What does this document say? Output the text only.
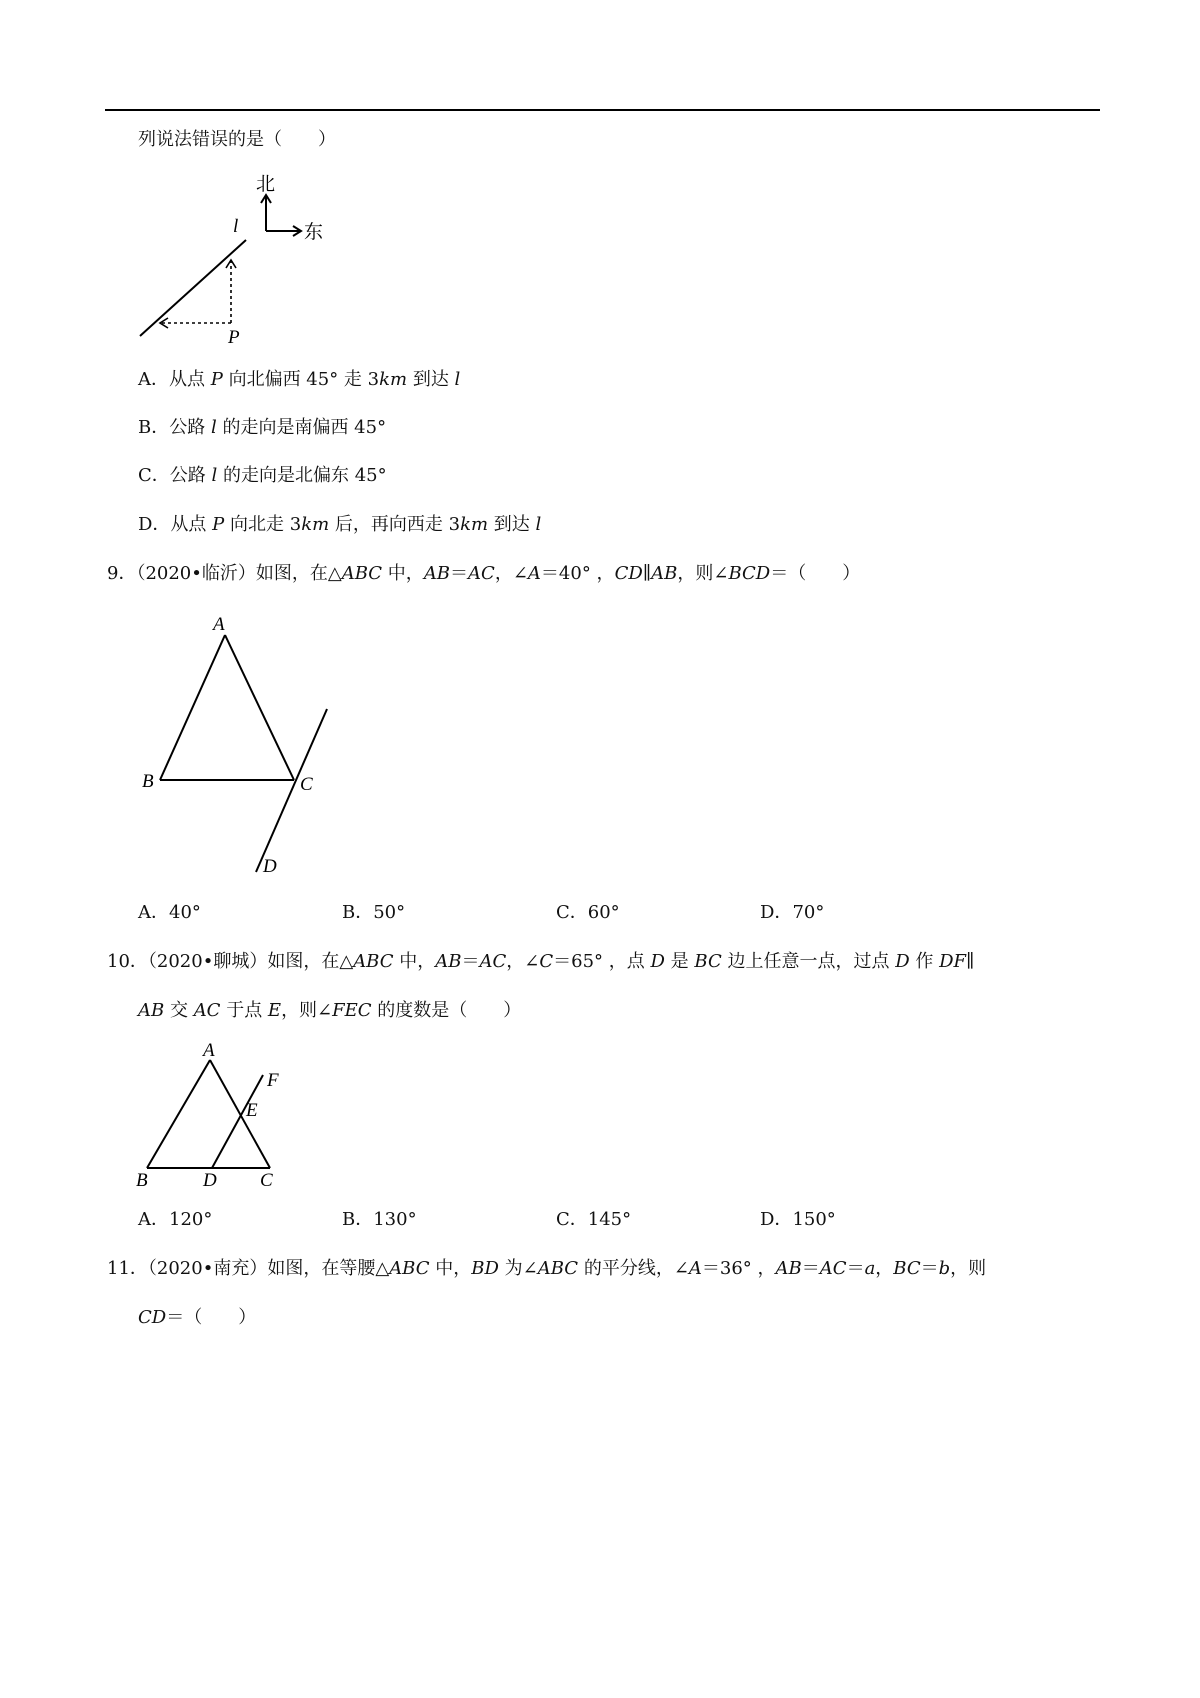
列说法错误的是（　　）
北
东
l
P
A．从点 P 向北偏西 45° 走 3km 到达 l
B．公路 l 的走向是南偏西 45°
C．公路 l 的走向是北偏东 45°
D．从点 P 向北走 3km 后，再向西走 3km 到达 l
9．（2020•临沂）如图，在△ABC 中，AB＝AC，∠A＝40° ，CD∥AB，则∠BCD＝（　　）
A
B	C
D
A．40°	B．50°	C．60°	D．70°
10．（2020•聊城）如图，在△ABC 中，AB＝AC，∠C＝65° ，点 D 是 BC 边上任意一点，过点 D 作 DF∥
AB 交 AC 于点 E，则∠FEC 的度数是（　　）
A
B	D C
E
F
A．120°	B．130°	C．145°	D．150°
11．（2020•南充）如图，在等腰△ABC 中，BD 为∠ABC 的平分线，∠A＝36° ，AB＝AC＝a，BC＝b，则
CD＝（　　）
